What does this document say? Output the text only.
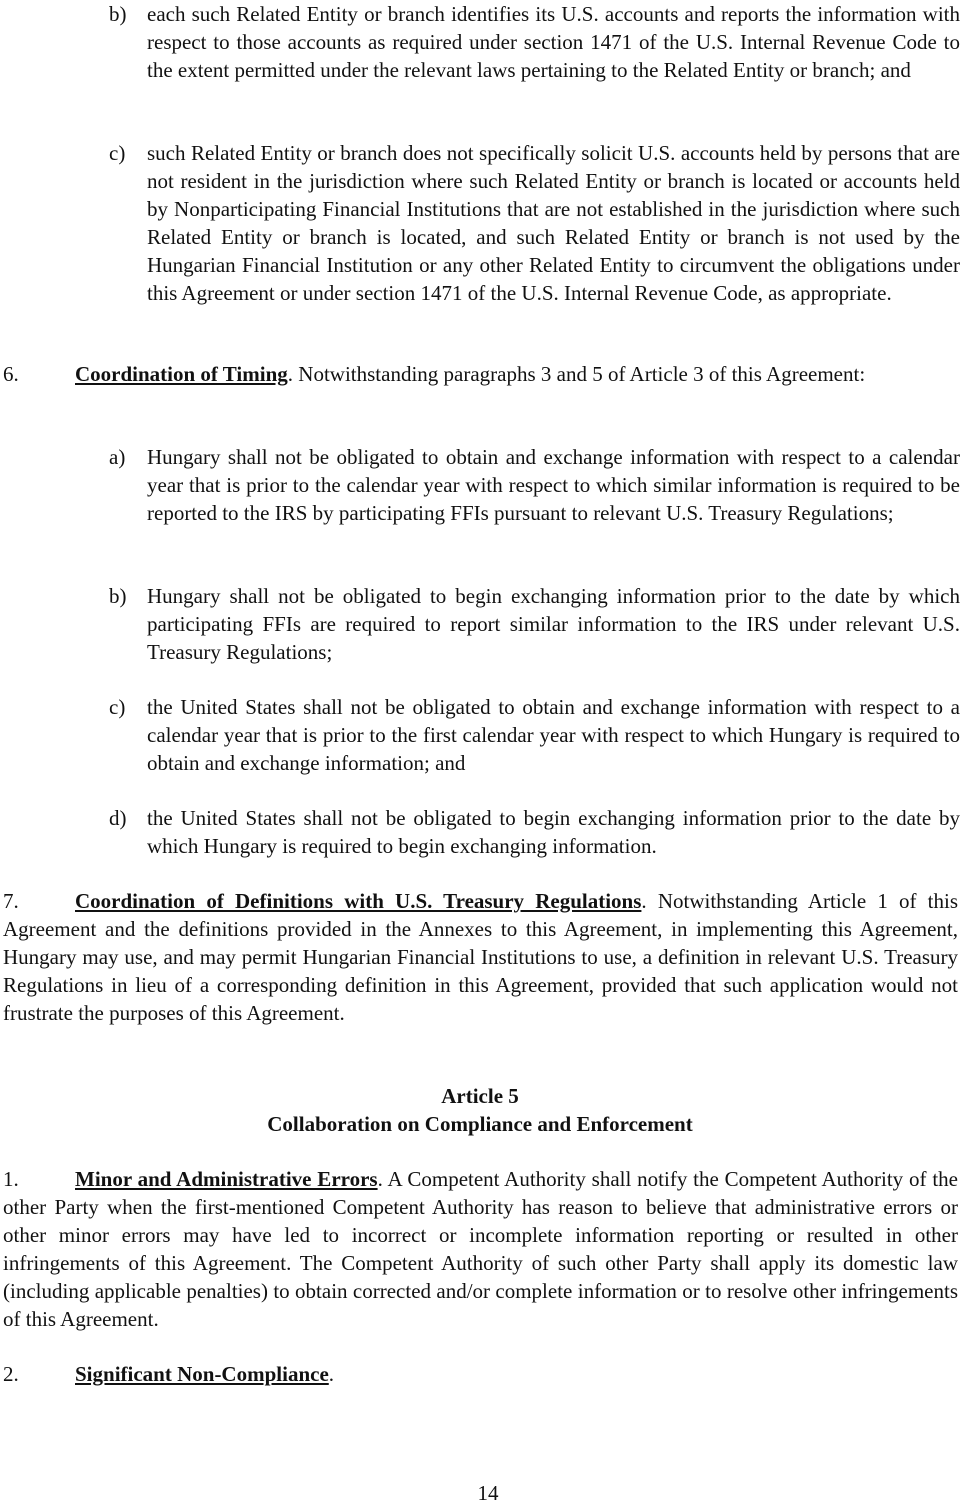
b) each such Related Entity or branch identifies its U.S. accounts and reports the information with respect to those accounts as required under section 1471 of the U.S. Internal Revenue Code to the extent permitted under the relevant laws pertaining to the Related Entity or branch; and
c)	such Related Entity or branch does not specifically solicit U.S. accounts held by persons that are not resident in the jurisdiction where such Related Entity or branch is located or accounts held by Nonparticipating Financial Institutions that are not established in the jurisdiction where such Related Entity or branch is located, and such Related Entity or branch is not used by the Hungarian Financial Institution or any other Related Entity to circumvent the obligations under this Agreement or under section 1471 of the U.S. Internal Revenue Code, as appropriate.
6.	Coordination of Timing. Notwithstanding paragraphs 3 and 5 of Article 3 of this Agreement:
a)	Hungary shall not be obligated to obtain and exchange information with respect to a calendar year that is prior to the calendar year with respect to which similar information is required to be reported to the IRS by participating FFIs pursuant to relevant U.S. Treasury Regulations;
b) Hungary shall not be obligated to begin exchanging information prior to the date by which participating FFIs are required to report similar information to the IRS under relevant U.S. Treasury Regulations;
c)	the United States shall not be obligated to obtain and exchange information with respect to a calendar year that is prior to the first calendar year with respect to which Hungary is required to obtain and exchange information; and
d) the United States shall not be obligated to begin exchanging information prior to the date by which Hungary is required to begin exchanging information.
7.	Coordination of Definitions with U.S. Treasury Regulations. Notwithstanding Article 1 of this Agreement and the definitions provided in the Annexes to this Agreement, in implementing this Agreement, Hungary may use, and may permit Hungarian Financial Institutions to use, a definition in relevant U.S. Treasury Regulations in lieu of a corresponding definition in this Agreement, provided that such application would not frustrate the purposes of this Agreement.
Article 5
Collaboration on Compliance and Enforcement
1.	Minor and Administrative Errors. A Competent Authority shall notify the Competent Authority of the other Party when the first-mentioned Competent Authority has reason to believe that administrative errors or other minor errors may have led to incorrect or incomplete information reporting or resulted in other infringements of this Agreement. The Competent Authority of such other Party shall apply its domestic law (including applicable penalties) to obtain corrected and/or complete information or to resolve other infringements of this Agreement.
2.	Significant Non-Compliance.
14
